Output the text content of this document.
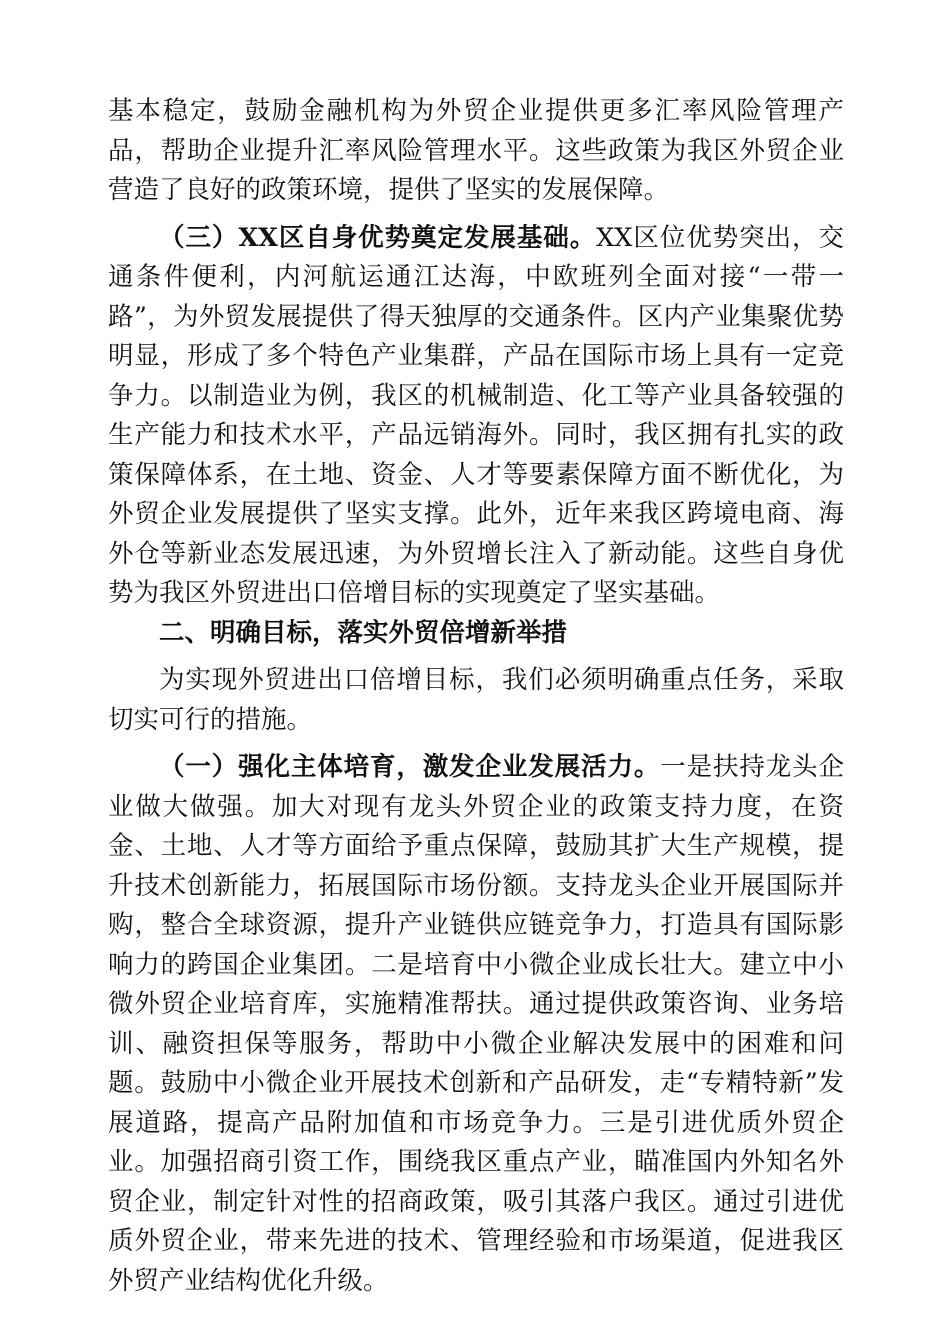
基本稳定，鼓励金融机构为外贸企业提供更多汇率风险管理产品，帮助企业提升汇率风险管理水平。这些政策为我区外贸企业营造了良好的政策环境，提供了坚实的发展保障。

（三）XX区自身优势奠定发展基础。XX区位优势突出，交通条件便利，内河航运通江达海，中欧班列全面对接“一带一路”，为外贸发展提供了得天独厚的交通条件。区内产业集聚优势明显，形成了多个特色产业集群，产品在国际市场上具有一定竞争力。以制造业为例，我区的机械制造、化工等产业具备较强的生产能力和技术水平，产品远销海外。同时，我区拥有扎实的政策保障体系，在土地、资金、人才等要素保障方面不断优化，为外贸企业发展提供了坚实支撑。此外，近年来我区跨境电商、海外仓等新业态发展迅速，为外贸增长注入了新动能。这些自身优势为我区外贸进出口倍增目标的实现奠定了坚实基础。

二、明确目标，落实外贸倍增新举措

为实现外贸进出口倍增目标，我们必须明确重点任务，采取切实可行的措施。

（一）强化主体培育，激发企业发展活力。一是扶持龙头企业做大做强。加大对现有龙头外贸企业的政策支持力度，在资金、土地、人才等方面给予重点保障，鼓励其扩大生产规模，提升技术创新能力，拓展国际市场份额。支持龙头企业开展国际并购，整合全球资源，提升产业链供应链竞争力，打造具有国际影响力的跨国企业集团。二是培育中小微企业成长壮大。建立中小微外贸企业培育库，实施精准帮扶。通过提供政策咨询、业务培训、融资担保等服务，帮助中小微企业解决发展中的困难和问题。鼓励中小微企业开展技术创新和产品研发，走“专精特新”发展道路，提高产品附加值和市场竞争力。三是引进优质外贸企业。加强招商引资工作，围绕我区重点产业，瞄准国内外知名外贸企业，制定针对性的招商政策，吸引其落户我区。通过引进优质外贸企业，带来先进的技术、管理经验和市场渠道，促进我区外贸产业结构优化升级。
